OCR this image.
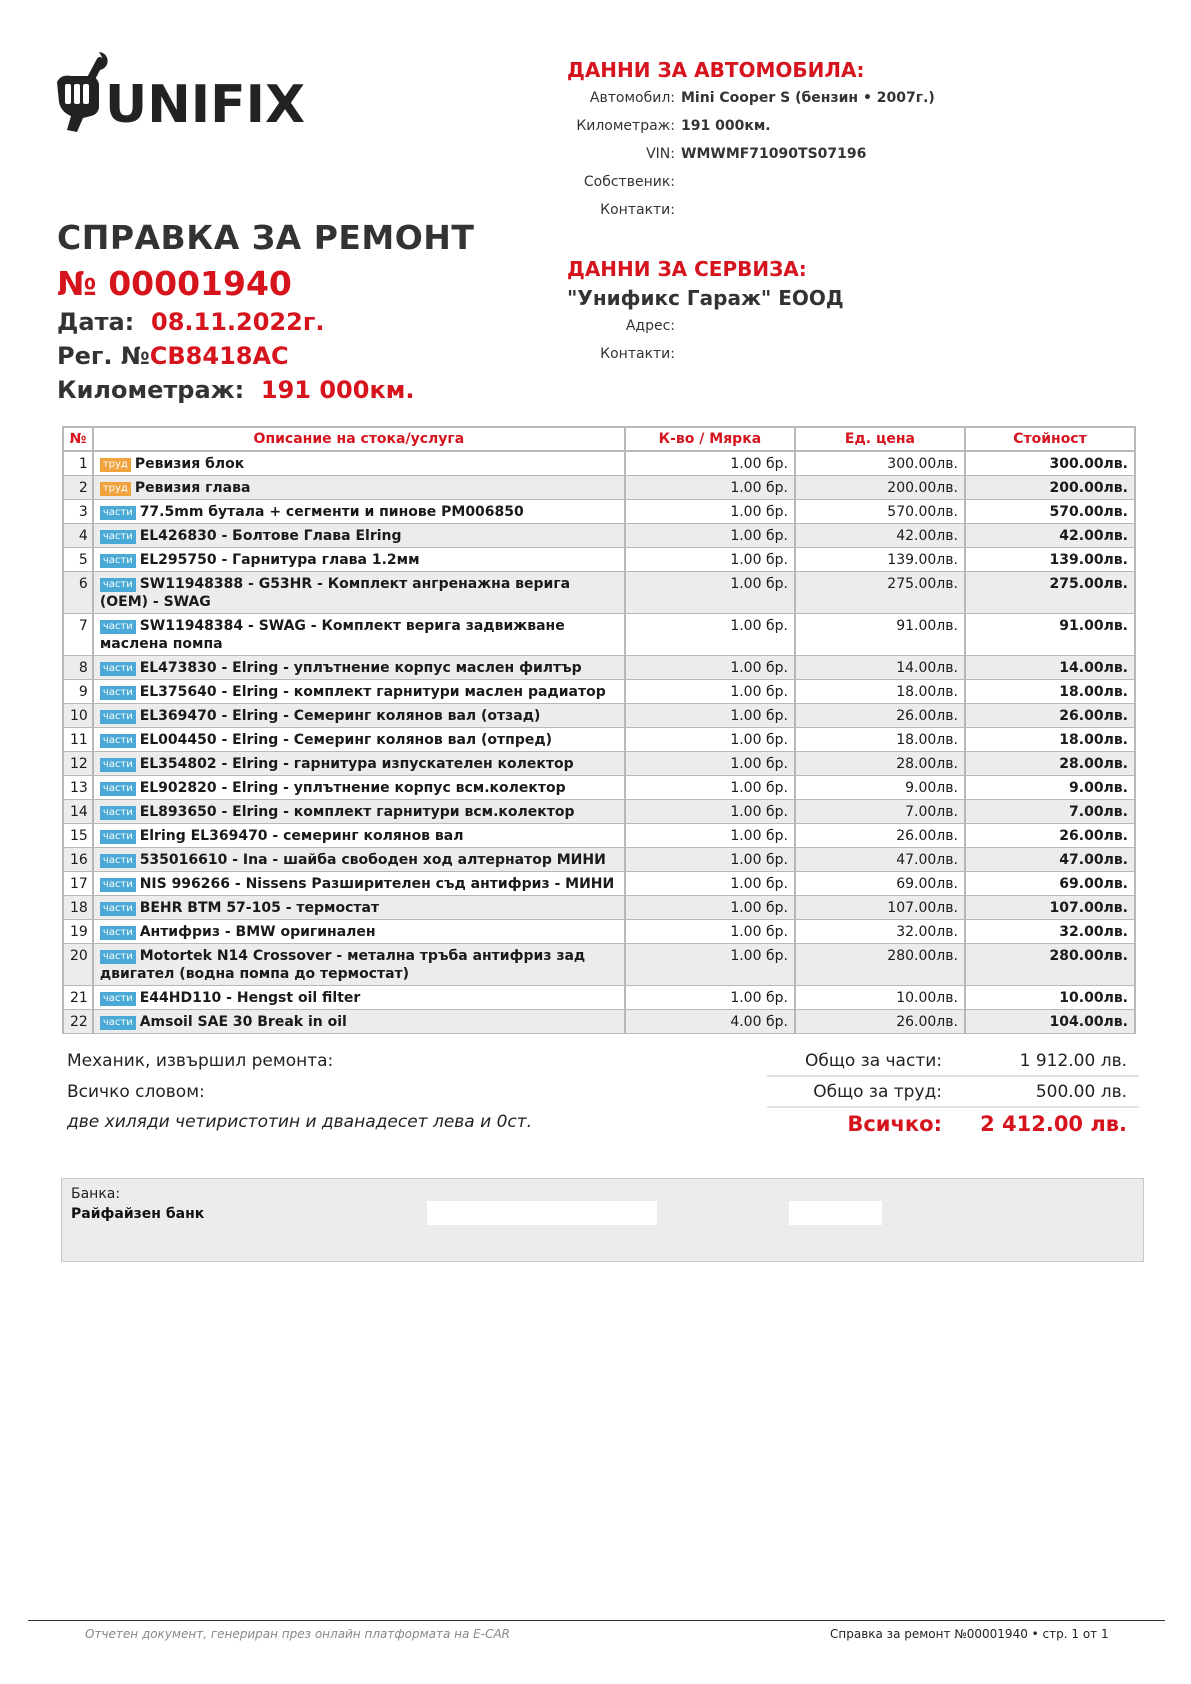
UNIFIX
ДАННИ ЗА АВТОМОБИЛА:
Автомобил: Mini Cooper S (бензин • 2007г.)
Километраж: 191 000км.
VIN: WMWMF71090TS07196
Собственик:
Контакти:
ДАННИ ЗА СЕРВИЗА:
"Унификс Гараж" ЕООД
Адрес:
Контакти:
СПРАВКА ЗА РЕМОНТ
№ 00001940
Дата: 08.11.2022г.
Рег. №СВ8418АС
Километраж: 191 000км.
№	Описание на стока/услуга	К-во / Мярка	Ед. цена	Стойност
1	труд Ревизия блок	1.00 бр.	300.00лв.	300.00лв.
2	труд Ревизия глава	1.00 бр.	200.00лв.	200.00лв.
3	части 77.5mm бутала + сегменти и пинове PM006850	1.00 бр.	570.00лв.	570.00лв.
4	части EL426830 - Болтове Глава Elring	1.00 бр.	42.00лв.	42.00лв.
5	части EL295750 - Гарнитура глава 1.2мм	1.00 бр.	139.00лв.	139.00лв.
6	части SW11948388 - G53HR - Комплект ангренажна верига (OEM) - SWAG	1.00 бр.	275.00лв.	275.00лв.
7	части SW11948384 - SWAG - Комплект верига задвижване маслена помпа	1.00 бр.	91.00лв.	91.00лв.
8	части EL473830 - Elring - уплътнение корпус маслен филтър	1.00 бр.	14.00лв.	14.00лв.
9	части EL375640 - Elring - комплект гарнитури маслен радиатор	1.00 бр.	18.00лв.	18.00лв.
10	части EL369470 - Elring - Семеринг колянов вал (отзад)	1.00 бр.	26.00лв.	26.00лв.
11	части EL004450 - Elring - Семеринг колянов вал (отпред)	1.00 бр.	18.00лв.	18.00лв.
12	части EL354802 - Elring - гарнитура изпускателен колектор	1.00 бр.	28.00лв.	28.00лв.
13	части EL902820 - Elring - уплътнение корпус всм.колектор	1.00 бр.	9.00лв.	9.00лв.
14	части EL893650 - Elring - комплект гарнитури всм.колектор	1.00 бр.	7.00лв.	7.00лв.
15	части Elring EL369470 - семеринг колянов вал	1.00 бр.	26.00лв.	26.00лв.
16	части 535016610 - Ina - шайба свободен ход алтернатор МИНИ	1.00 бр.	47.00лв.	47.00лв.
17	части NIS 996266 - Nissens Разширителен съд антифриз - МИНИ	1.00 бр.	69.00лв.	69.00лв.
18	части BEHR BTM 57-105 - термостат	1.00 бр.	107.00лв.	107.00лв.
19	части Антифриз - BMW оригинален	1.00 бр.	32.00лв.	32.00лв.
20	части Motortek N14 Crossover - метална тръба антифриз зад двигател (водна помпа до термостат)	1.00 бр.	280.00лв.	280.00лв.
21	части E44HD110 - Hengst oil filter	1.00 бр.	10.00лв.	10.00лв.
22	части Amsoil SAE 30 Break in oil	4.00 бр.	26.00лв.	104.00лв.
Механик, извършил ремонта:
Всичко словом:
две хиляди четиристотин и дванадесет лева и 0ст.
Общо за части:	1 912.00 лв.
Общо за труд:	500.00 лв.
Всичко:	2 412.00 лв.
Банка:
Райфайзен банк
Отчетен документ, генериран през онлайн платформата на E-CAR	Справка за ремонт №00001940 • стр. 1 от 1
